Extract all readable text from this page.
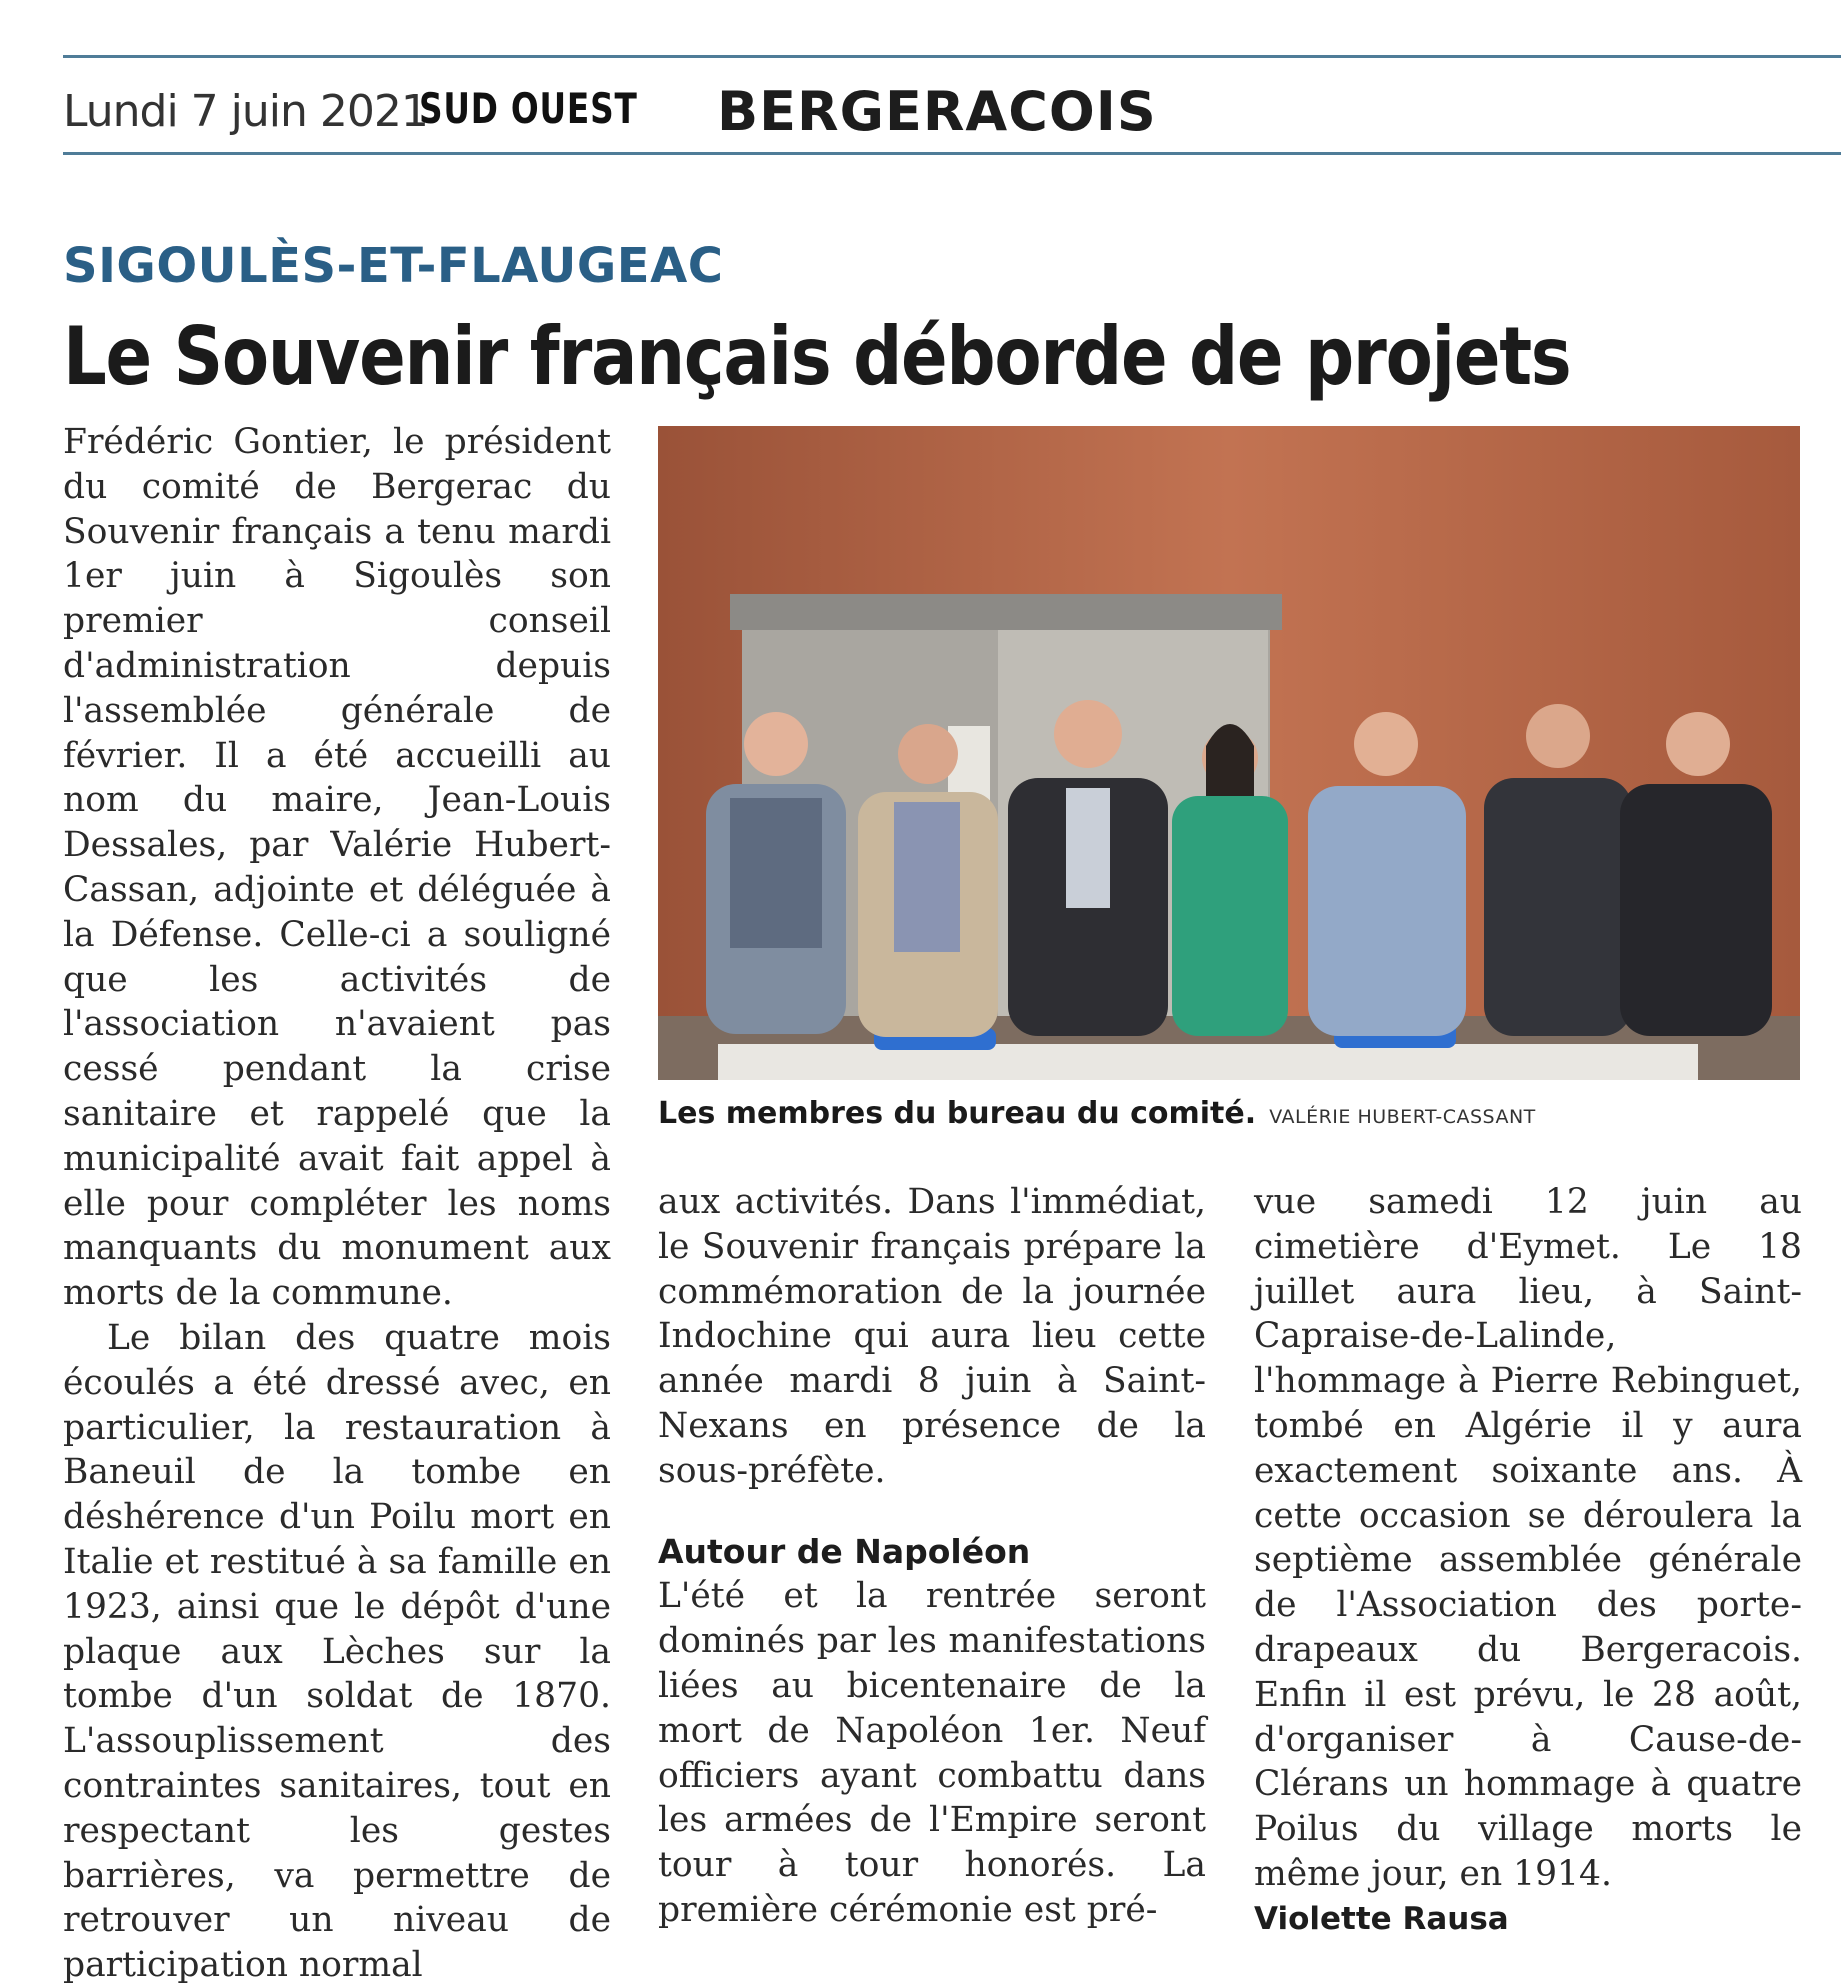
Lundi 7 juin 2021
SUD OUEST BERGERACOIS
SIGOULÈS-ET-FLAUGEAC
Le Souvenir français déborde de projets

Frédéric Gontier, le président du comité de Bergerac du Souvenir français a tenu mardi 1er juin à Sigoulès son premier conseil d'administration depuis l'assemblée générale de février. Il a été accueilli au nom du maire, Jean-Louis Dessales, par Valérie Hubert-Cassan, adjointe et déléguée à la Défense. Celle-ci a souligné que les activités de l'association n'avaient pas cessé pendant la crise sanitaire et rappelé que la municipalité avait fait appel à elle pour compléter les noms manquants du monument aux morts de la commune.

Le bilan des quatre mois écoulés a été dressé avec, en particulier, la restauration à Baneuil de la tombe en déshérence d'un Poilu mort en Italie et restitué à sa famille en 1923, ainsi que le dépôt d'une plaque aux Lèches sur la tombe d'un soldat de 1870. L'assouplissement des contraintes sanitaires, tout en respectant les gestes barrières, va permettre de retrouver un niveau de participation normal

Les membres du bureau du comité. VALÉRIE HUBERT-CASSANT

aux activités. Dans l'immédiat, le Souvenir français prépare la commémoration de la journée Indochine qui aura lieu cette année mardi 8 juin à Saint-Nexans en présence de la sous-préfète.

Autour de Napoléon

L'été et la rentrée seront dominés par les manifestations liées au bicentenaire de la mort de Napoléon 1er. Neuf officiers ayant combattu dans les armées de l'Empire seront tour à tour honorés. La première cérémonie est pré-

vue samedi 12 juin au cimetière d'Eymet. Le 18 juillet aura lieu, à Saint-Capraise-de-Lalinde, l'hommage à Pierre Rebinguet, tombé en Algérie il y aura exactement soixante ans. À cette occasion se déroulera la septième assemblée générale de l'Association des porte-drapeaux du Bergeracois. Enfin il est prévu, le 28 août, d'organiser à Cause-de-Clérans un hommage à quatre Poilus du village morts le même jour, en 1914.

Violette Rausa
